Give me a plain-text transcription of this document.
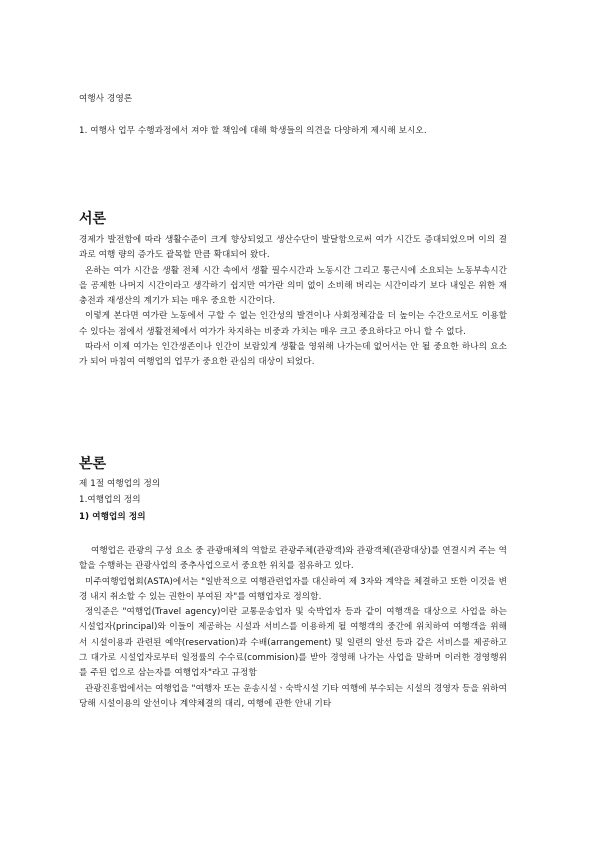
여행사 경영론
1. 여행사 업무 수행과정에서 져야 할 책임에 대해 학생들의 의견을 다양하게 제시해 보시오.
서론

경제가 발전함에 따라 생활수준이 크게 향상되었고 생산수단이 발달함으로써 여가 시간도 증대되었으며 이의 결과로 여행 량의 증가도 괄목할 만큼 확대되어 왔다.

온하는 여가 시간을 생활 전체 시간 속에서 생활 필수시간과 노동시간 그리고 통근시에 소요되는 노동부속시간을 공제한 나머지 시간이라고 생각하기 쉽지만 여가란 의미 없이 소비해 버리는 시간이라기 보다 내일은 위한 재충전과 재생산의 계기가 되는 매우 중요한 시간이다.

이렇게 본다면 여가란 노동에서 구할 수 없는 인간성의 발견이나 사회정체감을 더 높이는 수간으로서도 이용할 수 있다는 점에서 생활전체에서 여가가 차지하는 비중과 가치는 매우 크고 중요하다고 아니 할 수 없다.

따라서 이제 여가는 인간생존이나 인간이 보람있게 생활을 영위해 나가는데 없어서는 안 될 중요한 하나의 요소가 되어 마침여 여행업의 업무가 중요한 관심의 대상이 되었다.

본론
제 1절 여행업의 정의
1.여행업의 정의
1) 여행업의 정의

여행업은 관광의 구성 요소 중 관광매체의 역할로 관광주체(관광객)와 관광객체(관광대상)를 연결시켜 주는 역할을 수행하는 관광사업의 중추사업으로서 중요한 위치를 점유하고 있다.

미주여행업협회(ASTA)에서는 "일반적으로 여행관련업자를 대신하여 제 3자와 계약을 체결하고 또한 이것을 변경 내지 취소할 수 있는 권한이 부여된 자"를 여행업자로 정의함.

정익준은 "여행업(Travel agency)이란 교통운송업자 및 숙박업자 등과 같이 여행객을 대상으로 사업을 하는 시설업자(principal)와 이들이 제공하는 시설과 서비스를 이용하게 될 여행객의 중간에 위치하여 여행객을 위해서 시설이용과 관련된 예약(reservation)과 수배(arrangement) 및 일련의 알선 등과 같은 서비스를 제공하고 그 대가로 시설업자로부터 일정률의 수수료(commision)를 받아 경영해 나가는 사업을 말하며 이러한 경영행위를 주된 업으로 삼는자를 여행업자"라고 규정함

관광진흥법에서는 여행업을 "여행자 또는 운송시설ㆍ숙박시설 기타 여행에 부수되는 시설의 경영자 등을 위하여 당해 시설이용의 알선이나 계약체결의 대리, 여행에 관한 안내 기타
